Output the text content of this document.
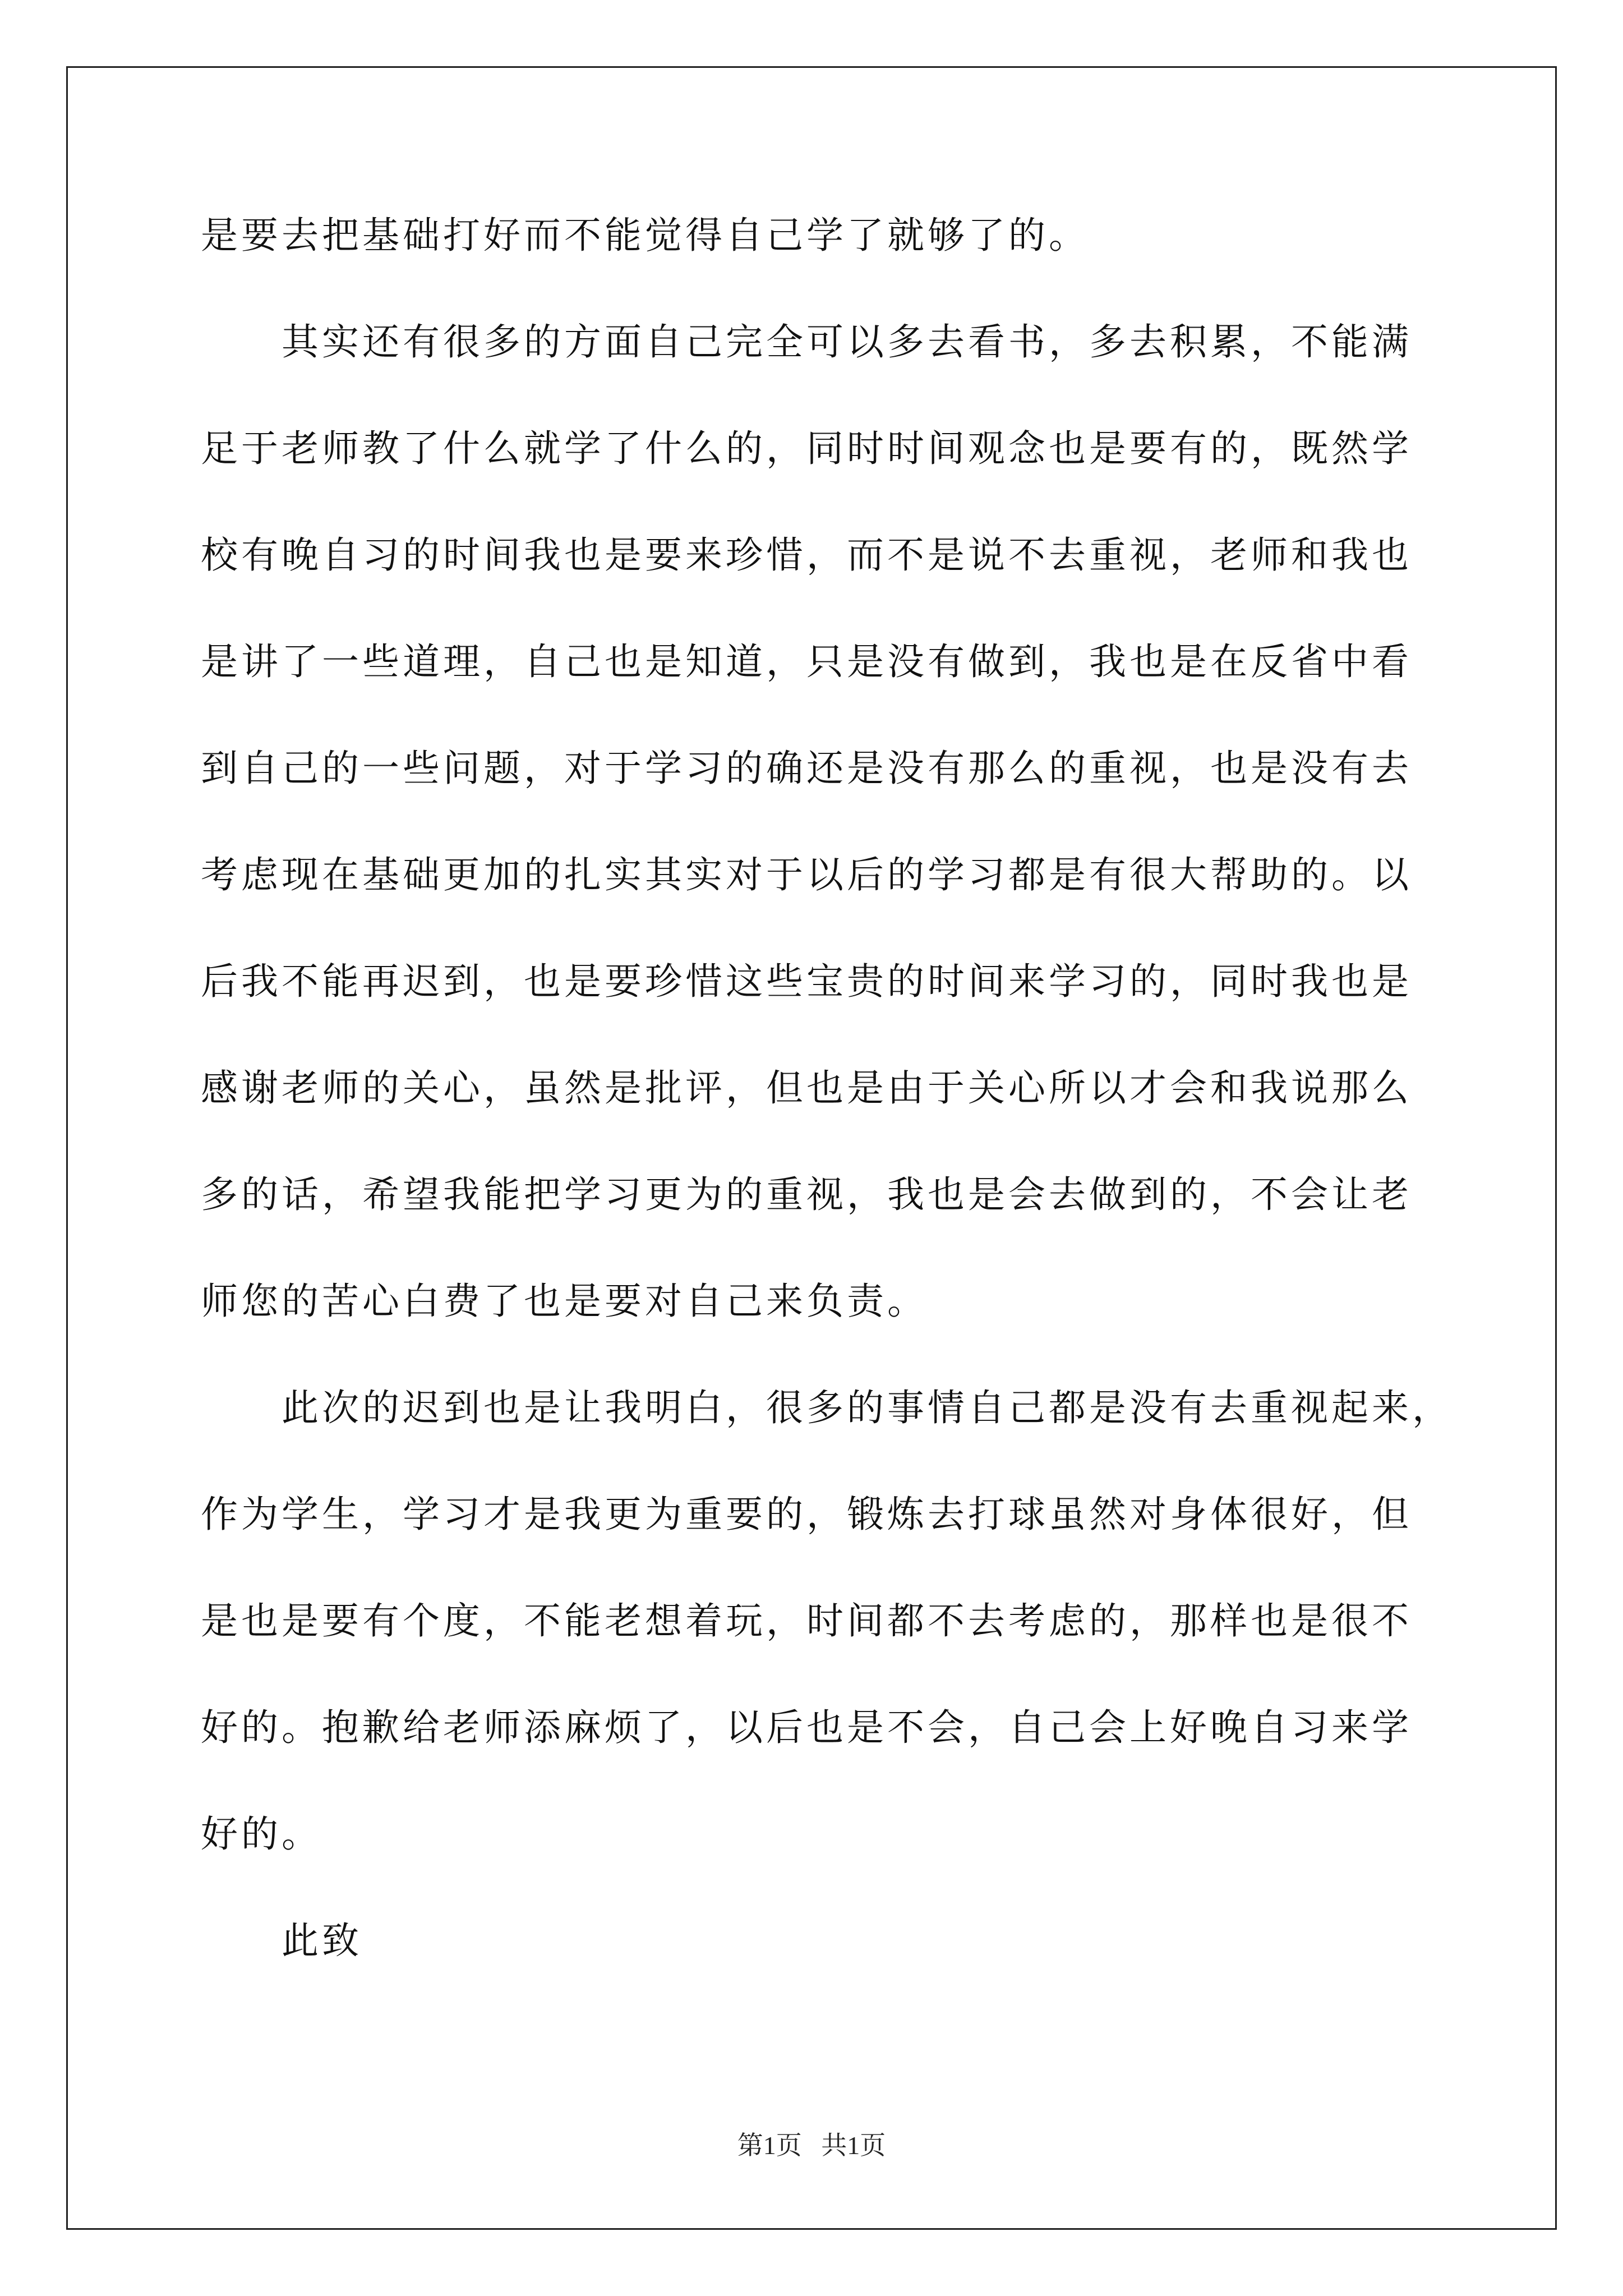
是要去把基础打好而不能觉得自己学了就够了的。
其实还有很多的方面自己完全可以多去看书，多去积累，不能满
足于老师教了什么就学了什么的，同时时间观念也是要有的，既然学
校有晚自习的时间我也是要来珍惜，而不是说不去重视，老师和我也
是讲了一些道理，自己也是知道，只是没有做到，我也是在反省中看
到自己的一些问题，对于学习的确还是没有那么的重视，也是没有去
考虑现在基础更加的扎实其实对于以后的学习都是有很大帮助的。以
后我不能再迟到，也是要珍惜这些宝贵的时间来学习的，同时我也是
感谢老师的关心，虽然是批评，但也是由于关心所以才会和我说那么
多的话，希望我能把学习更为的重视，我也是会去做到的，不会让老
师您的苦心白费了也是要对自己来负责。
此次的迟到也是让我明白，很多的事情自己都是没有去重视起来，
作为学生，学习才是我更为重要的，锻炼去打球虽然对身体很好，但
是也是要有个度，不能老想着玩，时间都不去考虑的，那样也是很不
好的。抱歉给老师添麻烦了，以后也是不会，自己会上好晚自习来学
好的。
此致
第1页   共1页
